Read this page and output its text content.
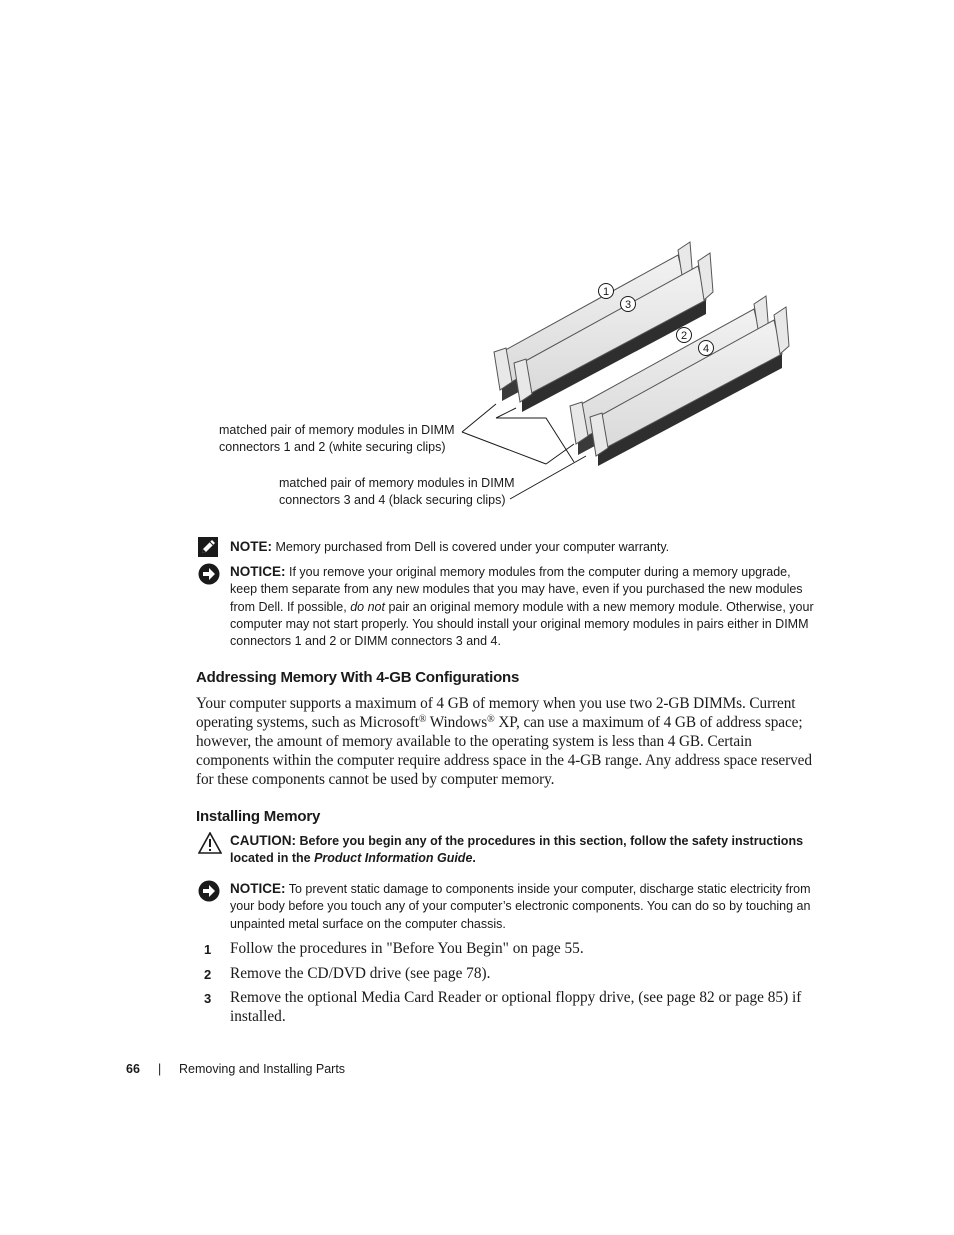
1
3
2
4
matched pair of memory modules in DIMM
connectors 1 and 2 (white securing clips)
matched pair of memory modules in DIMM
connectors 3 and 4 (black securing clips)
NOTE: Memory purchased from Dell is covered under your computer warranty.
NOTICE: If you remove your original memory modules from the computer during a memory upgrade, keep them separate from any new modules that you may have, even if you purchased the new modules from Dell. If possible, do not pair an original memory module with a new memory module. Otherwise, your computer may not start properly. You should install your original memory modules in pairs either in DIMM connectors 1 and 2 or DIMM connectors 3 and 4.
Addressing Memory With 4-GB Configurations

Your computer supports a maximum of 4 GB of memory when you use two 2-GB DIMMs. Current operating systems, such as Microsoft® Windows® XP, can use a maximum of 4 GB of address space; however, the amount of memory available to the operating system is less than 4 GB. Certain components within the computer require address space in the 4-GB range. Any address space reserved for these components cannot be used by computer memory.

Installing Memory
CAUTION: Before you begin any of the procedures in this section, follow the safety instructions located in the Product Information Guide.
NOTICE: To prevent static damage to components inside your computer, discharge static electricity from your body before you touch any of your computer’s electronic components. You can do so by touching an unpainted metal surface on the computer chassis.
1 Follow the procedures in "Before You Begin" on page 55.
2 Remove the CD/DVD drive (see page 78).
3 Remove the optional Media Card Reader or optional floppy drive, (see page 82 or page 85) if installed.
66 | Removing and Installing Parts
